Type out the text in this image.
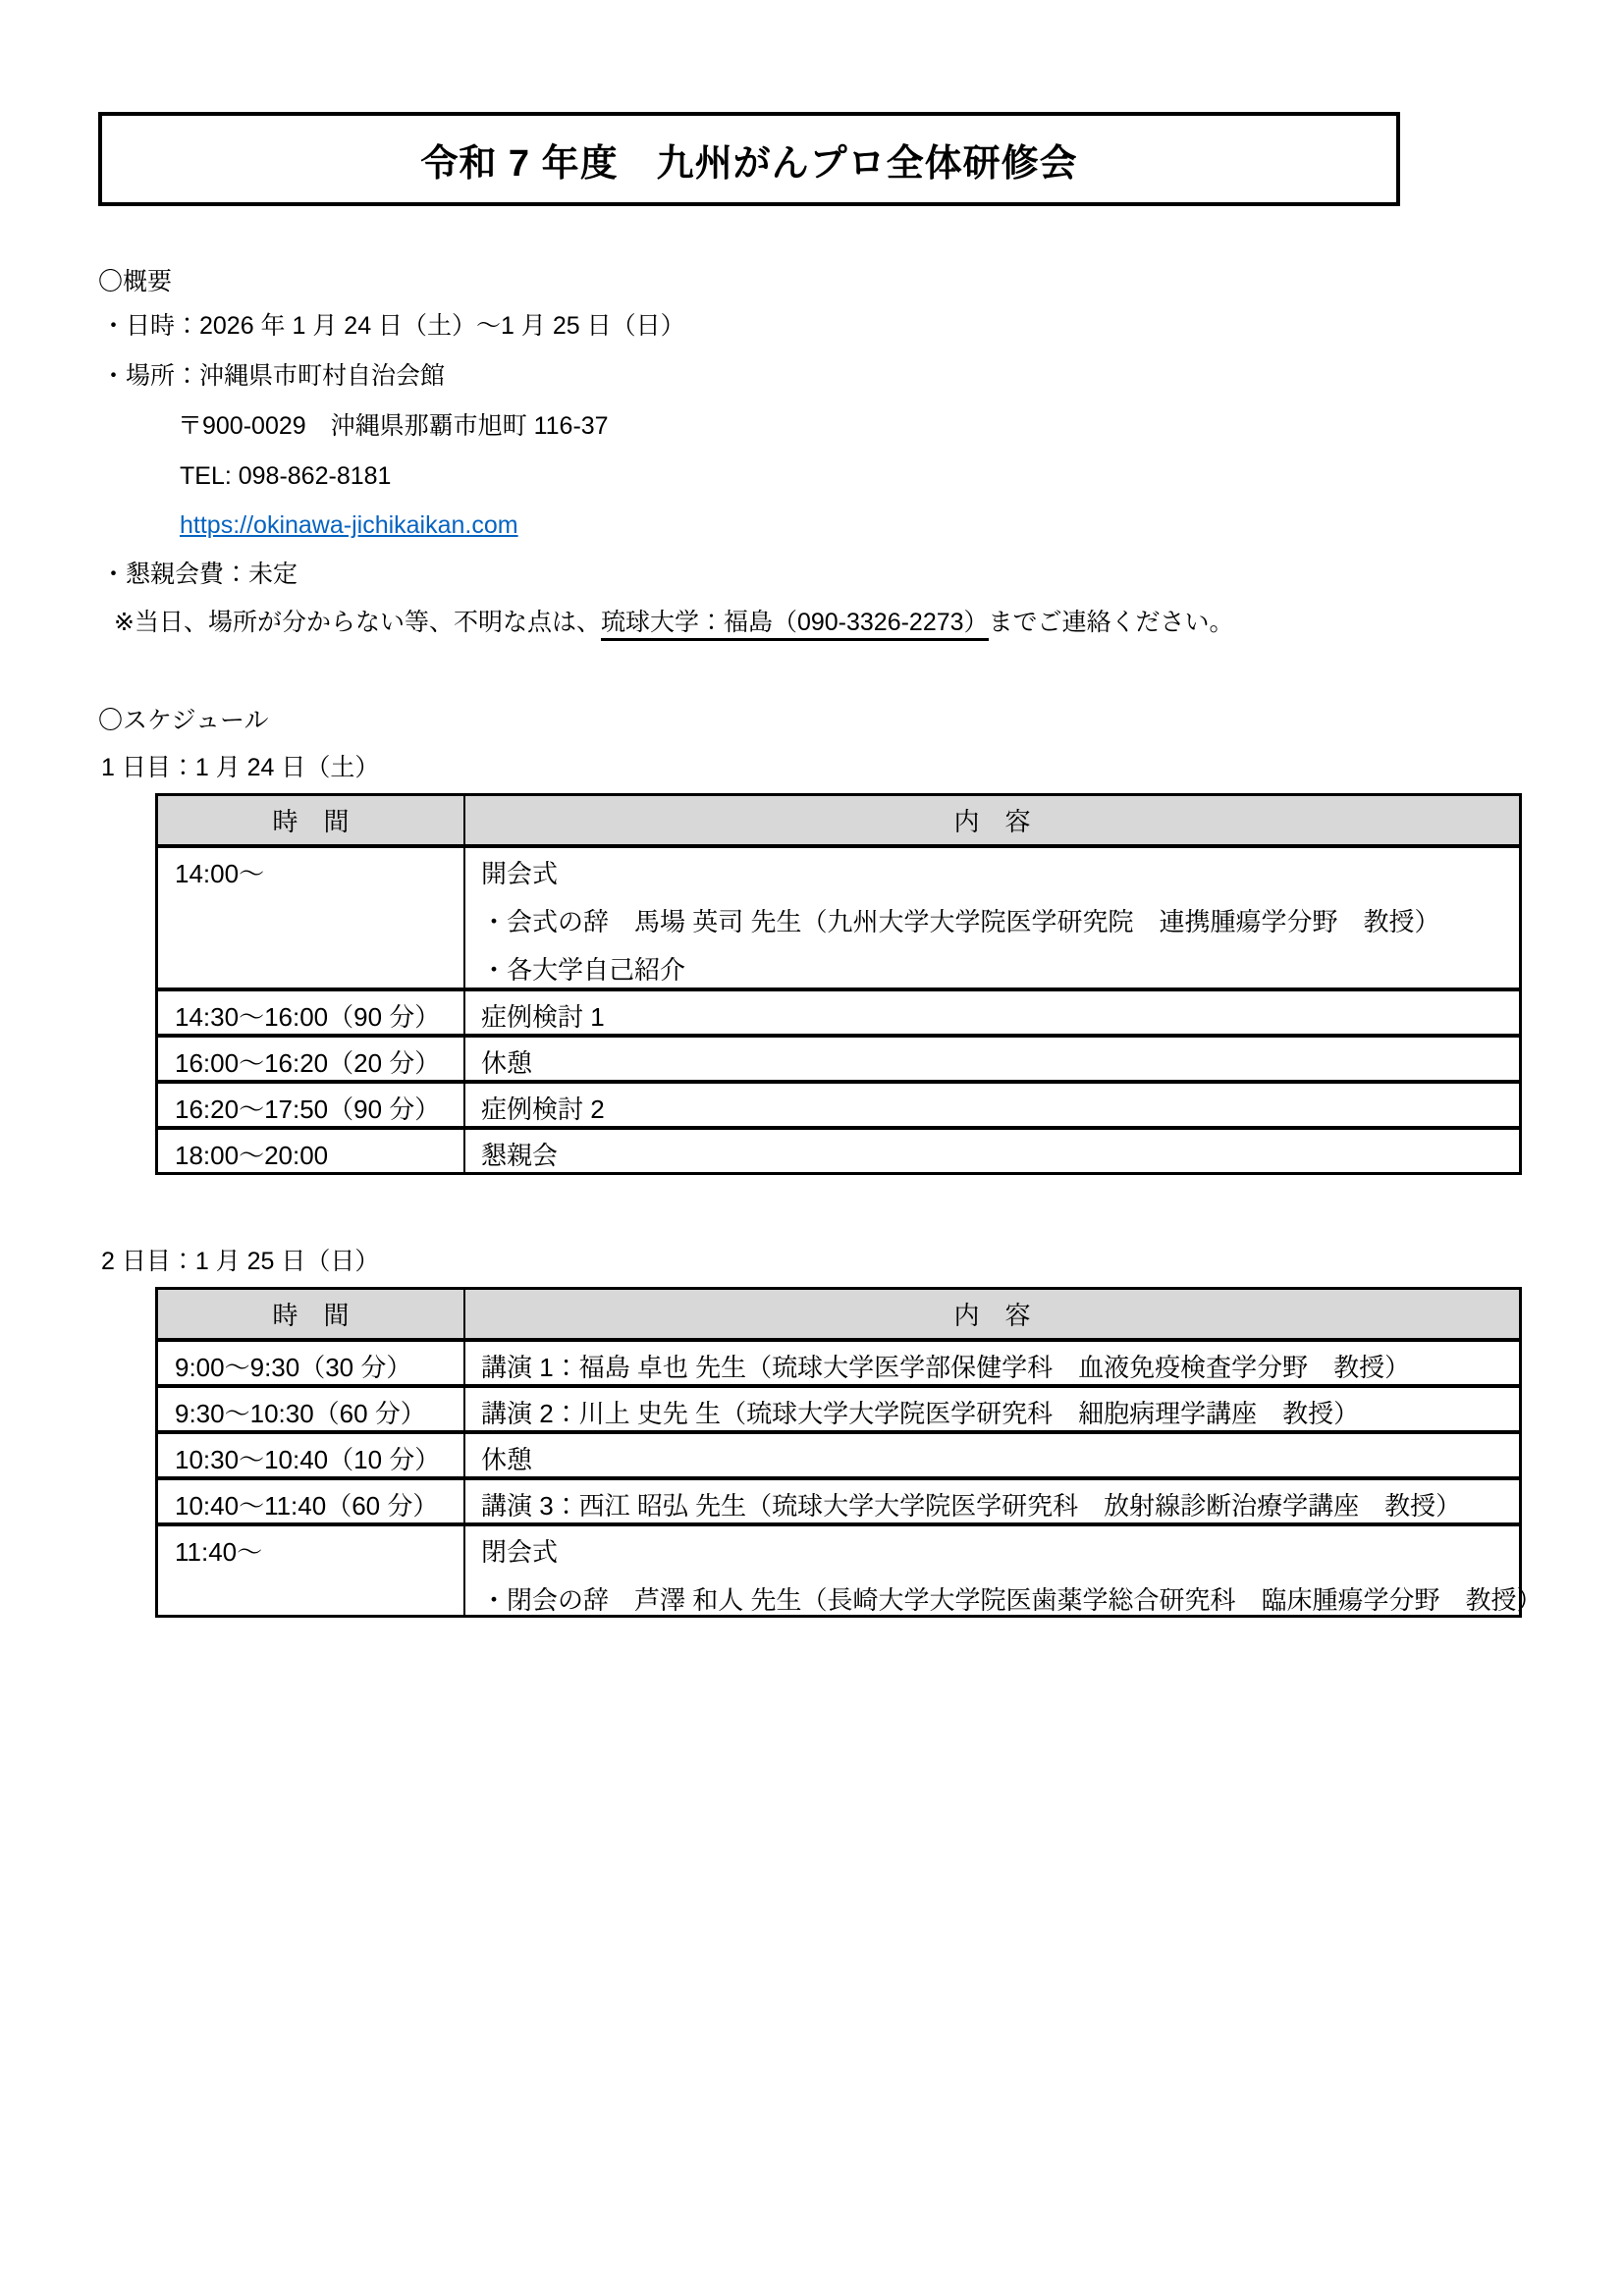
令和 7 年度　九州がんプロ全体研修会
〇概要
・日時：2026 年 1 月 24 日（土）～1 月 25 日（日）
・場所：沖縄県市町村自治会館
〒900-0029　沖縄県那覇市旭町 116-37
TEL: 098-862-8181
https://okinawa-jichikaikan.com
・懇親会費：未定
※当日、場所が分からない等、不明な点は、琉球大学：福島（090-3326-2273）までご連絡ください。
〇スケジュール
1 日目：1 月 24 日（土）
時　間	内　容
14:00～	開会式
・会式の辞　馬場 英司 先生（九州大学大学院医学研究院　連携腫瘍学分野　教授）
・各大学自己紹介
14:30～16:00（90 分）	症例検討 1
16:00～16:20（20 分）	休憩
16:20～17:50（90 分）	症例検討 2
18:00～20:00	懇親会
2 日目：1 月 25 日（日）
時　間	内　容
9:00～9:30（30 分）	講演 1：福島 卓也 先生（琉球大学医学部保健学科　血液免疫検査学分野　教授）
9:30～10:30（60 分）	講演 2：川上 史先 生（琉球大学大学院医学研究科　細胞病理学講座　教授）
10:30～10:40（10 分）	休憩
10:40～11:40（60 分）	講演 3：西江 昭弘 先生（琉球大学大学院医学研究科　放射線診断治療学講座　教授）
11:40～	閉会式
・閉会の辞　芦澤 和人 先生（長崎大学大学院医歯薬学総合研究科　臨床腫瘍学分野　教授）
